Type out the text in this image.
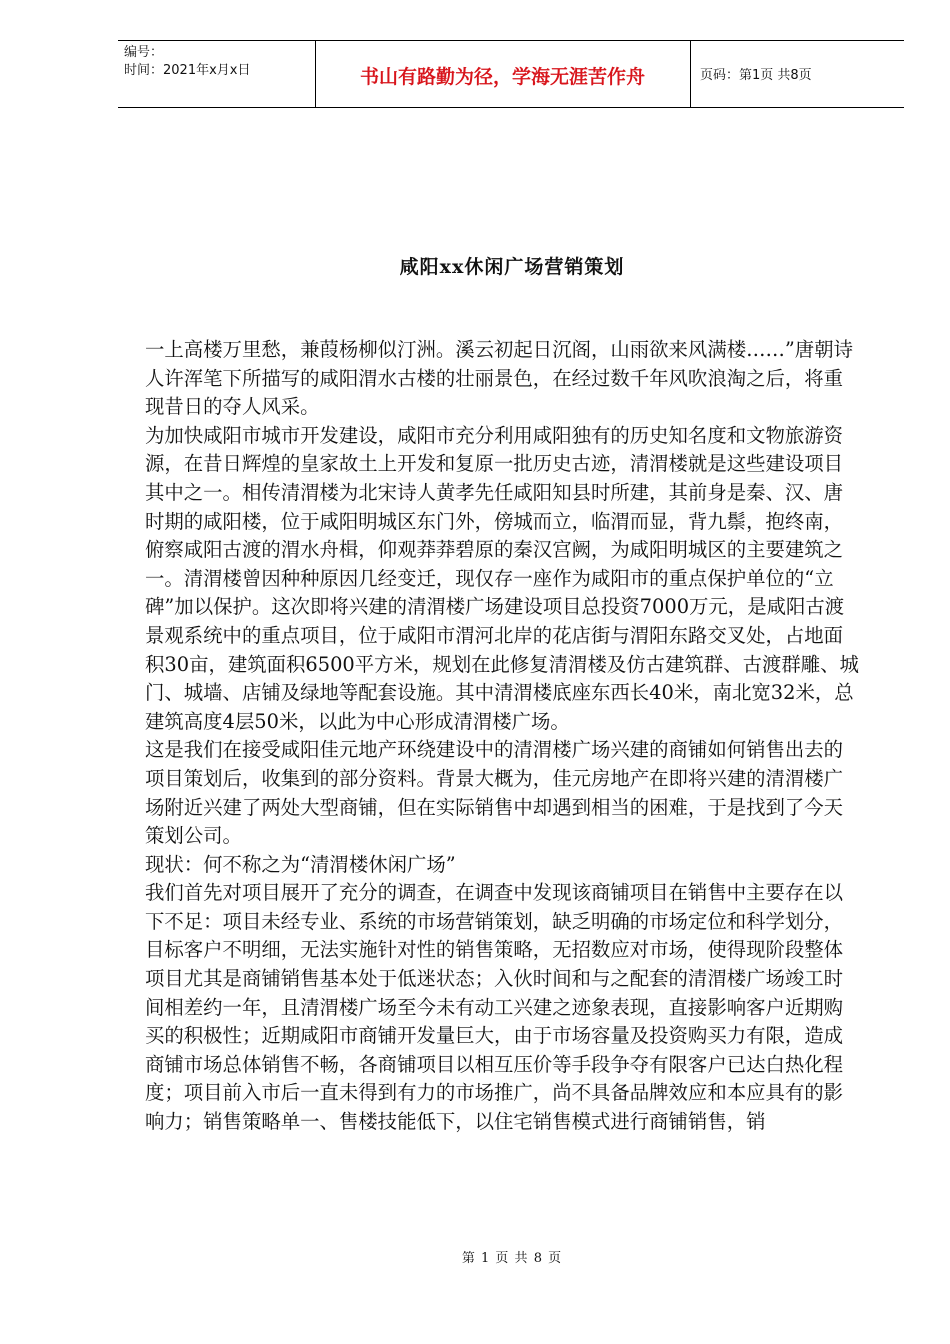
编号：
时间：2021年x月x日	书山有路勤为径，学海无涯苦作舟	页码：第1页 共8页
咸阳xx休闲广场营销策划

一上高楼万里愁，兼葭杨柳似汀洲。溪云初起日沉阁，山雨欲来风满楼……”唐朝诗人许浑笔下所描写的咸阳渭水古楼的壮丽景色，在经过数千年风吹浪淘之后，将重现昔日的夺人风采。

为加快咸阳市城市开发建设，咸阳市充分利用咸阳独有的历史知名度和文物旅游资源，在昔日辉煌的皇家故土上开发和复原一批历史古迹，清渭楼就是这些建设项目其中之一。相传清渭楼为北宋诗人黄孝先任咸阳知县时所建，其前身是秦、汉、唐时期的咸阳楼，位于咸阳明城区东门外，傍城而立，临渭而显，背九鬃，抱终南，俯察咸阳古渡的渭水舟楫，仰观莽莽碧原的秦汉宫阙，为咸阳明城区的主要建筑之一。清渭楼曾因种种原因几经变迁，现仅存一座作为咸阳市的重点保护单位的“立碑”加以保护。这次即将兴建的清渭楼广场建设项目总投资7000万元，是咸阳古渡景观系统中的重点项目，位于咸阳市渭河北岸的花店街与渭阳东路交叉处，占地面积30亩，建筑面积6500平方米，规划在此修复清渭楼及仿古建筑群、古渡群雕、城门、城墙、店铺及绿地等配套设施。其中清渭楼底座东西长40米，南北宽32米，总建筑高度4层50米，以此为中心形成清渭楼广场。

这是我们在接受咸阳佳元地产环绕建设中的清渭楼广场兴建的商铺如何销售出去的项目策划后，收集到的部分资料。背景大概为，佳元房地产在即将兴建的清渭楼广场附近兴建了两处大型商铺，但在实际销售中却遇到相当的困难，于是找到了今天策划公司。

现状：何不称之为“清渭楼休闲广场”

我们首先对项目展开了充分的调查，在调查中发现该商铺项目在销售中主要存在以下不足：项目未经专业、系统的市场营销策划，缺乏明确的市场定位和科学划分，目标客户不明细，无法实施针对性的销售策略，无招数应对市场，使得现阶段整体项目尤其是商铺销售基本处于低迷状态；入伙时间和与之配套的清渭楼广场竣工时间相差约一年，且清渭楼广场至今未有动工兴建之迹象表现，直接影响客户近期购买的积极性；近期咸阳市商铺开发量巨大，由于市场容量及投资购买力有限，造成商铺市场总体销售不畅，各商铺项目以相互压价等手段争夺有限客户已达白热化程度；项目前入市后一直未得到有力的市场推广，尚不具备品牌效应和本应具有的影响力；销售策略单一、售楼技能低下，以住宅销售模式进行商铺销售，销

第 1 页 共 8 页
